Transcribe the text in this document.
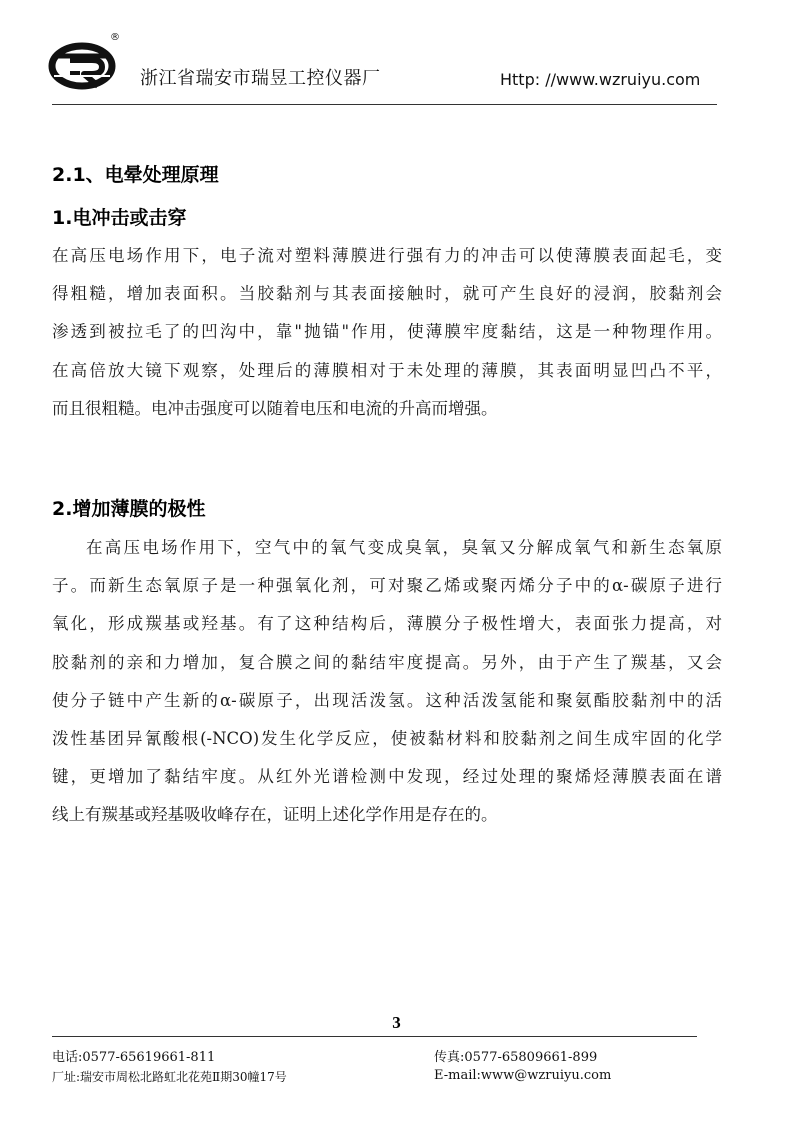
®
浙江省瑞安市瑞昱工控仪器厂	Http: //www.wzruiyu.com
2.1、电晕处理原理
1.电冲击或击穿
在高压电场作用下，电子流对塑料薄膜进行强有力的冲击可以使薄膜表面起毛，变
得粗糙，增加表面积。当胶黏剂与其表面接触时，就可产生良好的浸润，胶黏剂会
渗透到被拉毛了的凹沟中，靠"抛锚"作用，使薄膜牢度黏结，这是一种物理作用。
在高倍放大镜下观察，处理后的薄膜相对于未处理的薄膜，其表面明显凹凸不平，
而且很粗糙。电冲击强度可以随着电压和电流的升高而增强。
2.增加薄膜的极性
在高压电场作用下，空气中的氧气变成臭氧，臭氧又分解成氧气和新生态氧原
子。而新生态氧原子是一种强氧化剂，可对聚乙烯或聚丙烯分子中的α-碳原子进行
氧化，形成羰基或羟基。有了这种结构后，薄膜分子极性增大，表面张力提高，对
胶黏剂的亲和力增加，复合膜之间的黏结牢度提高。另外，由于产生了羰基，又会
使分子链中产生新的α-碳原子，出现活泼氢。这种活泼氢能和聚氨酯胶黏剂中的活
泼性基团异氰酸根(-NCO)发生化学反应，使被黏材料和胶黏剂之间生成牢固的化学
键，更增加了黏结牢度。从红外光谱检测中发现，经过处理的聚烯烃薄膜表面在谱
线上有羰基或羟基吸收峰存在，证明上述化学作用是存在的。
3
电话:0577-65619661-811
厂址:瑞安市周松北路虹北花苑Ⅱ期30幢17号
传真:0577-65809661-899
E-mail:www@wzruiyu.com
